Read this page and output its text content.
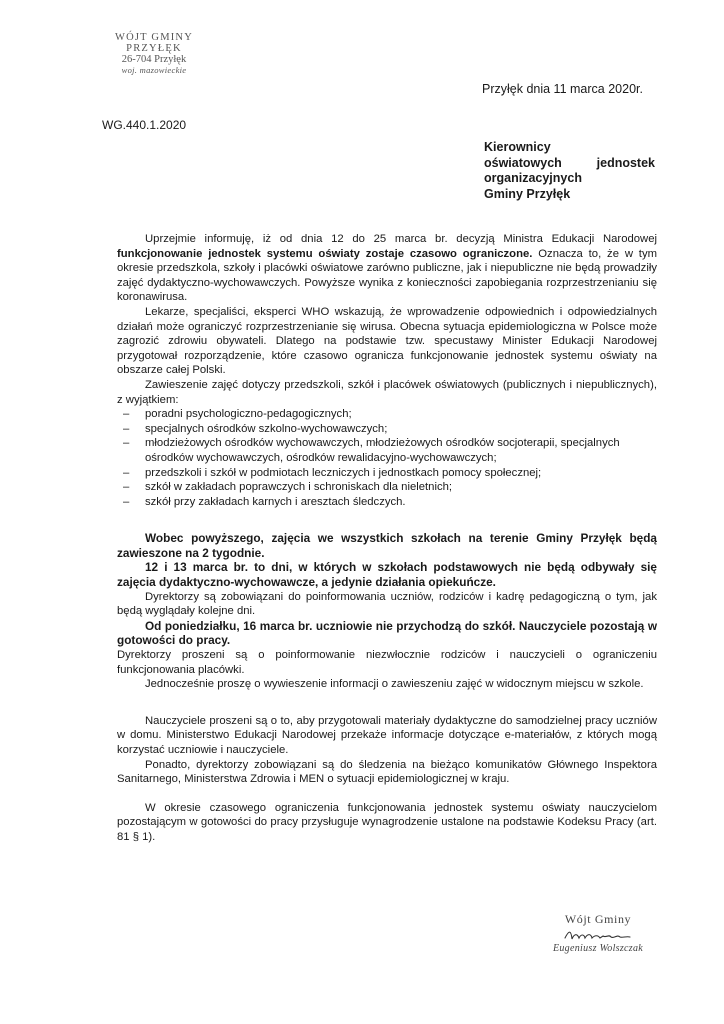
WÓJT GMINY
PRZYŁĘK
26-704 Przyłęk
woj. mazowieckie
Przyłęk dnia 11 marca 2020r.
WG.440.1.2020
Kierownicy
oświatowych jednostek
organizacyjnych
Gminy Przyłęk

Uprzejmie informuję, iż od dnia 12 do 25 marca br. decyzją Ministra Edukacji Narodowej funkcjonowanie jednostek systemu oświaty zostaje czasowo ograniczone. Oznacza to, że w tym okresie przedszkola, szkoły i placówki oświatowe zarówno publiczne, jak i niepubliczne nie będą prowadziły zajęć dydaktyczno-wychowawczych. Powyższe wynika z konieczności zapobiegania rozprzestrzenianiu się koronawirusa.

Lekarze, specjaliści, eksperci WHO wskazują, że wprowadzenie odpowiednich i odpowiedzialnych działań może ograniczyć rozprzestrzenianie się wirusa. Obecna sytuacja epidemiologiczna w Polsce może zagrozić zdrowiu obywateli. Dlatego na podstawie tzw. specustawy Minister Edukacji Narodowej przygotował rozporządzenie, które czasowo ogranicza funkcjonowanie jednostek systemu oświaty na obszarze całej Polski.

Zawieszenie zajęć dotyczy przedszkoli, szkół i placówek oświatowych (publicznych i niepublicznych), z wyjątkiem:

– poradni psychologiczno-pedagogicznych;
– specjalnych ośrodków szkolno-wychowawczych;
– młodzieżowych ośrodków wychowawczych, młodzieżowych ośrodków socjoterapii, specjalnych ośrodków wychowawczych, ośrodków rewalidacyjno-wychowawczych;
– przedszkoli i szkół w podmiotach leczniczych i jednostkach pomocy społecznej;
– szkół w zakładach poprawczych i schroniskach dla nieletnich;
– szkół przy zakładach karnych i aresztach śledczych.

Wobec powyższego, zajęcia we wszystkich szkołach na terenie Gminy Przyłęk będą zawieszone na 2 tygodnie.

12 i 13 marca br. to dni, w których w szkołach podstawowych nie będą odbywały się zajęcia dydaktyczno-wychowawcze, a jedynie działania opiekuńcze.

Dyrektorzy są zobowiązani do poinformowania uczniów, rodziców i kadrę pedagogiczną o tym, jak będą wyglądały kolejne dni.

Od poniedziałku, 16 marca br. uczniowie nie przychodzą do szkół. Nauczyciele pozostają w gotowości do pracy.

Dyrektorzy proszeni są o poinformowanie niezwłocznie rodziców i nauczycieli o ograniczeniu funkcjonowania placówki.

Jednocześnie proszę o wywieszenie informacji o zawieszeniu zajęć w widocznym miejscu w szkole.

Nauczyciele proszeni są o to, aby przygotowali materiały dydaktyczne do samodzielnej pracy uczniów w domu. Ministerstwo Edukacji Narodowej przekaże informacje dotyczące e-materiałów, z których mogą korzystać uczniowie i nauczyciele.

Ponadto, dyrektorzy zobowiązani są do śledzenia na bieżąco komunikatów Głównego Inspektora Sanitarnego, Ministerstwa Zdrowia i MEN o sytuacji epidemiologicznej w kraju.

W okresie czasowego ograniczenia funkcjonowania jednostek systemu oświaty nauczycielom pozostającym w gotowości do pracy przysługuje wynagrodzenie ustalone na podstawie Kodeksu Pracy (art. 81 § 1).

Wójt Gminy
Eugeniusz Wolszczak
